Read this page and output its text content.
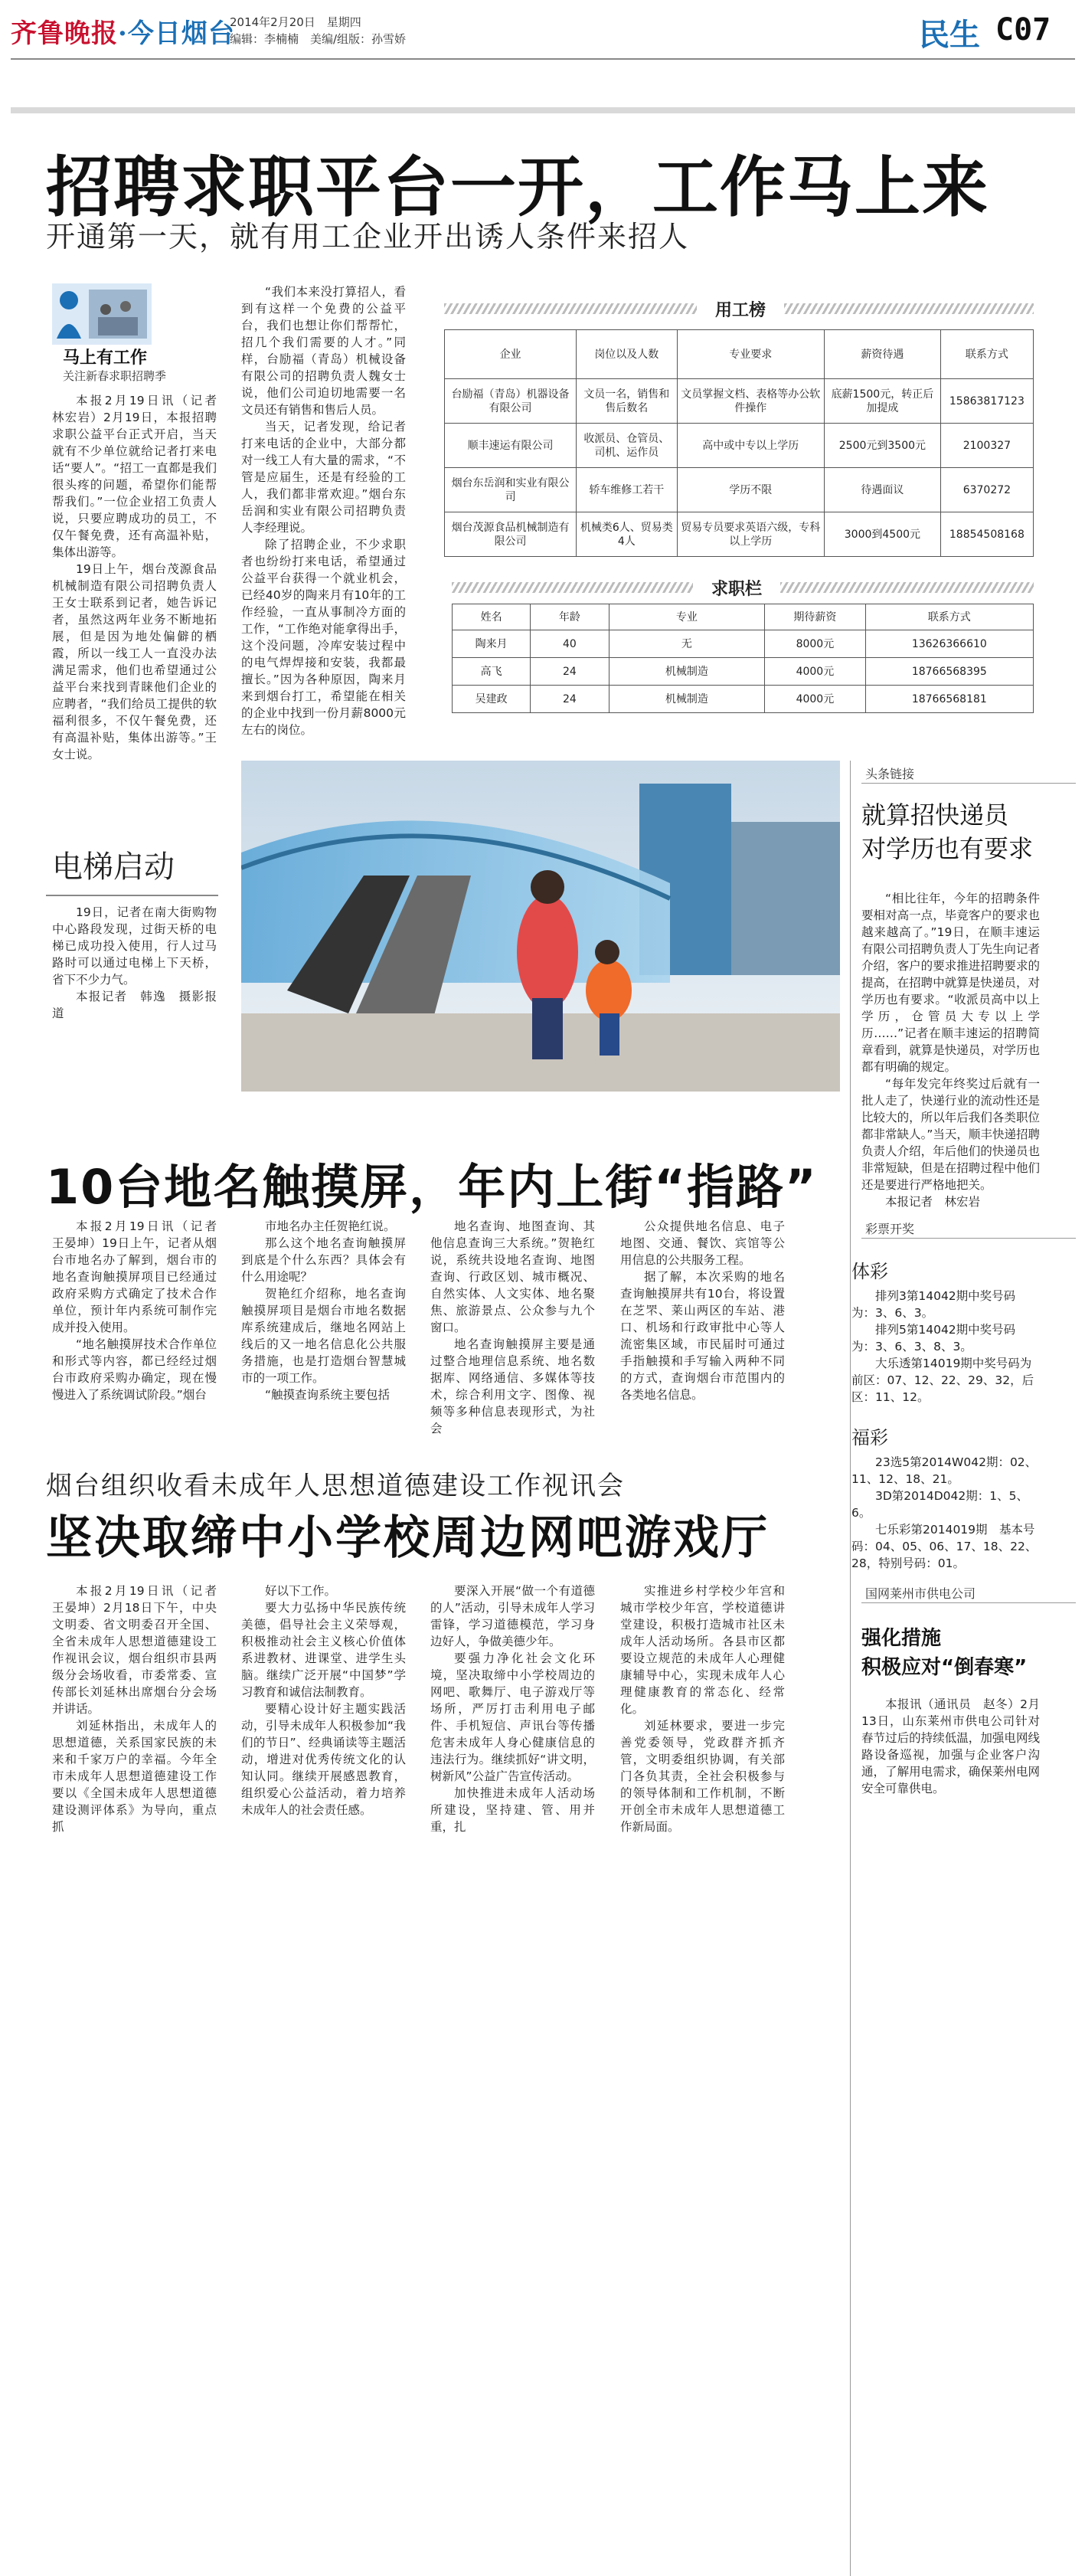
齐鲁晚报·今日烟台
2014年2月20日　星期四
编辑：李楠楠　美编/组版：孙雪娇	民生 C07
招聘求职平台一开，工作马上来
开通第一天，就有用工企业开出诱人条件来招人
马上有工作
关注新春求职招聘季

本报2月19日讯（记者　林宏岩）2月19日，本报招聘求职公益平台正式开启，当天就有不少单位就给记者打来电话“要人”。“招工一直都是我们很头疼的问题，希望你们能帮帮我们。”一位企业招工负责人说，只要应聘成功的员工，不仅午餐免费，还有高温补贴，集体出游等。

19日上午，烟台茂源食品机械制造有限公司招聘负责人王女士联系到记者，她告诉记者，虽然这两年业务不断地拓展，但是因为地处偏僻的栖霞，所以一线工人一直没办法满足需求，他们也希望通过公益平台来找到青睐他们企业的应聘者，“我们给员工提供的软福利很多，不仅午餐免费，还有高温补贴，集体出游等。”王女士说。

“我们本来没打算招人，看到有这样一个免费的公益平台，我们也想让你们帮帮忙，招几个我们需要的人才。”同样，台励福（青岛）机械设备有限公司的招聘负责人魏女士说，他们公司迫切地需要一名文员还有销售和售后人员。

当天，记者发现，给记者打来电话的企业中，大部分都对一线工人有大量的需求，“不管是应届生，还是有经验的工人，我们都非常欢迎。”烟台东岳润和实业有限公司招聘负责人李经理说。

除了招聘企业，不少求职者也纷纷打来电话，希望通过公益平台获得一个就业机会，已经40岁的陶来月有10年的工作经验，一直从事制冷方面的工作，“工作绝对能拿得出手，这个没问题，冷库安装过程中的电气焊焊接和安装，我都最擅长。”因为各种原因，陶来月来到烟台打工，希望能在相关的企业中找到一份月薪8000元左右的岗位。

用工榜
企业	岗位以及人数	专业要求	薪资待遇	联系方式
台励福（青岛）机器设备有限公司	文员一名，销售和售后数名	文员掌握文档、表格等办公软件操作	底薪1500元，转正后加提成	15863817123
顺丰速运有限公司	收派员、仓管员、司机、运作员	高中或中专以上学历	2500元到3500元	2100327
烟台东岳润和实业有限公司	轿车维修工若干	学历不限	待遇面议	6370272
烟台茂源食品机械制造有限公司	机械类6人、贸易类4人	贸易专员要求英语六级，专科以上学历	3000到4500元	18854508168
求职栏
姓名	年龄	专业	期待薪资	联系方式
陶来月	40	无	8000元	13626366610
高飞	24	机械制造	4000元	18766568395
吴建政	24	机械制造	4000元	18766568181
电梯启动

19日，记者在南大街购物中心路段发现，过街天桥的电梯已成功投入使用，行人过马路时可以通过电梯上下天桥，省下不少力气。

本报记者　韩逸　摄影报道

头条链接
就算招快递员
对学历也有要求

“相比往年，今年的招聘条件要相对高一点，毕竟客户的要求也越来越高了。”19日，在顺丰速运有限公司招聘负责人丁先生向记者介绍，客户的要求推进招聘要求的提高，在招聘中就算是快递员，对学历也有要求。“收派员高中以上学历，仓管员大专以上学历……”记者在顺丰速运的招聘简章看到，就算是快递员，对学历也都有明确的规定。

“每年发完年终奖过后就有一批人走了，快递行业的流动性还是比较大的，所以年后我们各类职位都非常缺人。”当天，顺丰快递招聘负责人介绍，年后他们的快递员也非常短缺，但是在招聘过程中他们还是要进行严格地把关。

本报记者　林宏岩

10台地名触摸屏，年内上街“指路”

本报2月19日讯（记者　王晏坤）19日上午，记者从烟台市地名办了解到，烟台市的地名查询触摸屏项目已经通过政府采购方式确定了技术合作单位，预计年内系统可制作完成并投入使用。

“地名触摸屏技术合作单位和形式等内容，都已经经过烟台市政府采购办确定，现在慢慢进入了系统调试阶段。”烟台

市地名办主任贺艳红说。

那么这个地名查询触摸屏到底是个什么东西？具体会有什么用途呢？

贺艳红介绍称，地名查询触摸屏项目是烟台市地名数据库系统建成后，继地名网站上线后的又一地名信息化公共服务措施，也是打造烟台智慧城市的一项工作。

“触摸查询系统主要包括

地名查询、地图查询、其他信息查询三大系统。”贺艳红说，系统共设地名查询、地图查询、行政区划、城市概况、自然实体、人文实体、地名聚焦、旅游景点、公众参与九个窗口。

地名查询触摸屏主要是通过整合地理信息系统、地名数据库、网络通信、多媒体等技术，综合利用文字、图像、视频等多种信息表现形式，为社会

公众提供地名信息、电子地图、交通、餐饮、宾馆等公用信息的公共服务工程。

据了解，本次采购的地名查询触摸屏共有10台，将设置在芝罘、莱山两区的车站、港口、机场和行政审批中心等人流密集区域，市民届时可通过手指触摸和手写输入两种不同的方式，查询烟台市范围内的各类地名信息。

彩票开奖
体彩

排列3第14042期中奖号码为：3、6、3。

排列5第14042期中奖号码为：3、6、3、8、3。

大乐透第14019期中奖号码为前区：07、12、22、29、32，后区：11、12。

福彩

23选5第2014W042期：02、11、12、18、21。

3D第2014D042期：1、5、6。

七乐彩第2014019期　基本号码：04、05、06、17、18、22、28，特别号码：01。

烟台组织收看未成年人思想道德建设工作视讯会
坚决取缔中小学校周边网吧游戏厅

本报2月19日讯（记者　王晏坤）2月18日下午，中央文明委、省文明委召开全国、全省未成年人思想道德建设工作视讯会议，烟台组织市县两级分会场收看，市委常委、宣传部长刘延林出席烟台分会场并讲话。

刘延林指出，未成年人的思想道德，关系国家民族的未来和千家万户的幸福。今年全市未成年人思想道德建设工作要以《全国未成年人思想道德建设测评体系》为导向，重点抓

好以下工作。

要大力弘扬中华民族传统美德，倡导社会主义荣辱观，积极推动社会主义核心价值体系进教材、进课堂、进学生头脑。继续广泛开展“中国梦”学习教育和诚信法制教育。

要精心设计好主题实践活动，引导未成年人积极参加“我们的节日”、经典诵读等主题活动，增进对优秀传统文化的认知认同。继续开展感恩教育，组织爱心公益活动，着力培养未成年人的社会责任感。

要深入开展“做一个有道德的人”活动，引导未成年人学习雷锋，学习道德模范，学习身边好人，争做美德少年。

要强力净化社会文化环境，坚决取缔中小学校周边的网吧、歌舞厅、电子游戏厅等场所，严厉打击利用电子邮件、手机短信、声讯台等传播危害未成年人身心健康信息的违法行为。继续抓好“讲文明，树新风”公益广告宣传活动。

加快推进未成年人活动场所建设，坚持建、管、用并重，扎

实推进乡村学校少年宫和城市学校少年宫，学校道德讲堂建设，积极打造城市社区未成年人活动场所。各县市区都要设立规范的未成年人心理健康辅导中心，实现未成年人心理健康教育的常态化、经常化。

刘延林要求，要进一步完善党委领导，党政群齐抓齐管，文明委组织协调，有关部门各负其责，全社会积极参与的领导体制和工作机制，不断开创全市未成年人思想道德工作新局面。

国网莱州市供电公司
强化措施
积极应对“倒春寒”

本报讯（通讯员　赵冬）2月13日，山东莱州市供电公司针对春节过后的持续低温，加强电网线路设备巡视，加强与企业客户沟通，了解用电需求，确保莱州电网安全可靠供电。
